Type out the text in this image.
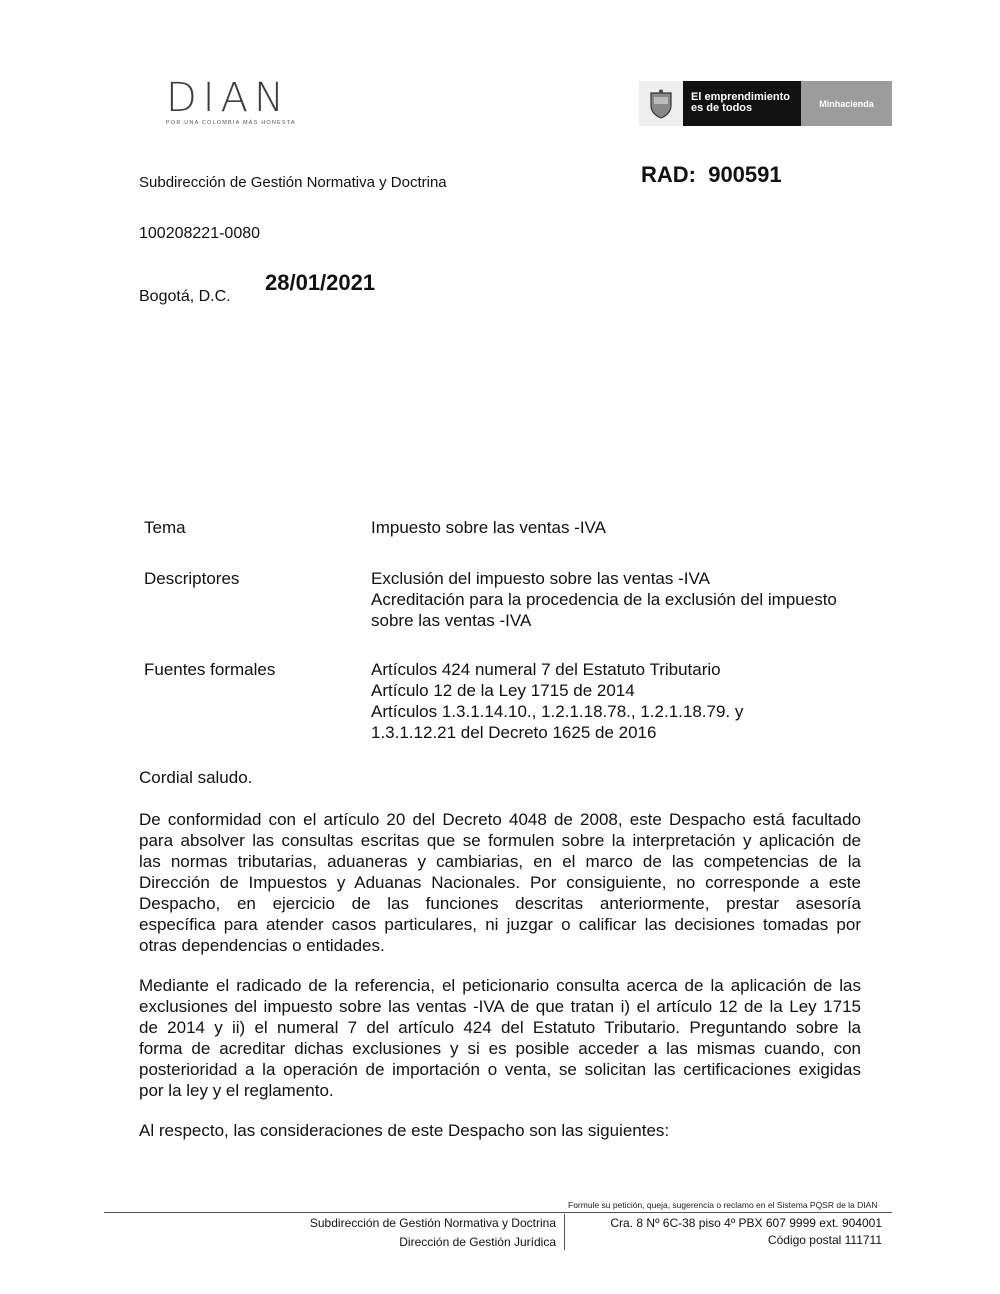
DIAN
POR UNA COLOMBIA MÁS HONESTA
El emprendimiento
es de todos	Minhacienda
RAD:  900591
Subdirección de Gestión Normativa y Doctrina
100208221-0080
Bogotá, D.C.
28/01/2021
Tema	Impuesto sobre las ventas -IVA
Descriptores	Exclusión del impuesto sobre las ventas -IVA
Acreditación para la procedencia de la exclusión del impuesto
sobre las ventas -IVA
Fuentes formales	Artículos 424 numeral 7 del Estatuto Tributario
Artículo 12 de la Ley 1715 de 2014
Artículos 1.3.1.14.10., 1.2.1.18.78., 1.2.1.18.79. y
1.3.1.12.21 del Decreto 1625 de 2016
Cordial saludo.
De conformidad con el artículo 20 del Decreto 4048 de 2008, este Despacho está facultado
para absolver las consultas escritas que se formulen sobre la interpretación y aplicación de
las normas tributarias, aduaneras y cambiarias, en el marco de las competencias de la
Dirección de Impuestos y Aduanas Nacionales. Por consiguiente, no corresponde a este
Despacho, en ejercicio de las funciones descritas anteriormente, prestar asesoría
específica para atender casos particulares, ni juzgar o calificar las decisiones tomadas por
otras dependencias o entidades.
Mediante el radicado de la referencia, el peticionario consulta acerca de la aplicación de las
exclusiones del impuesto sobre las ventas -IVA de que tratan i) el artículo 12 de la Ley 1715
de 2014 y ii) el numeral 7 del artículo 424 del Estatuto Tributario. Preguntando sobre la
forma de acreditar dichas exclusiones y si es posible acceder a las mismas cuando, con
posterioridad a la operación de importación o venta, se solicitan las certificaciones exigidas
por la ley y el reglamento.
Al respecto, las consideraciones de este Despacho son las siguientes:
Formule su petición, queja, sugerencia o reclamo en el Sistema PQSR de la DIAN
Subdirección de Gestión Normativa y Doctrina
Dirección de Gestión Jurídica
Cra. 8 Nº 6C-38 piso 4º PBX 607 9999 ext. 904001
Código postal 111711
